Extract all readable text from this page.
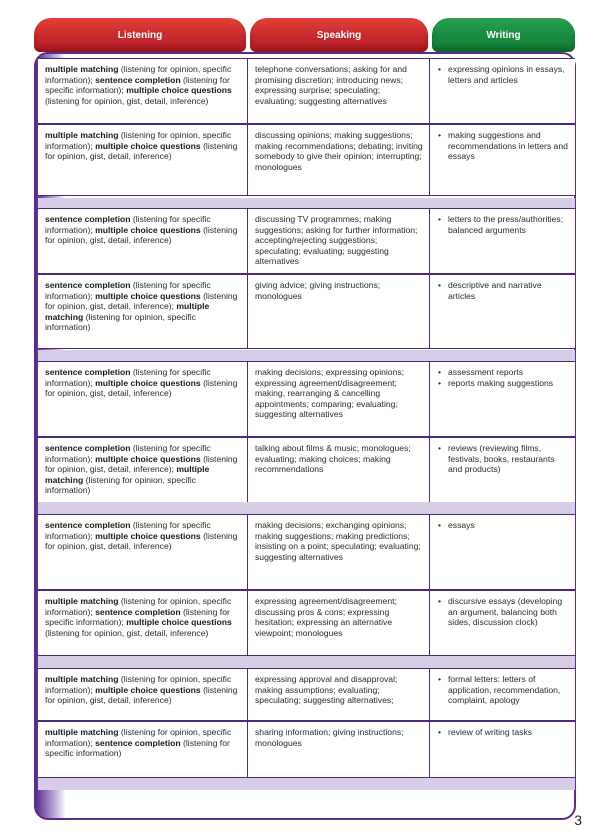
Listening	Speaking	Writing
multiple matching (listening for opinion, specific information); sentence completion (listening for specific information); multiple choice questions (listening for opinion, gist, detail, inference)
telephone conversations; asking for and promising discretion; introducing news; expressing surprise; speculating; evaluating; suggesting alternatives
• expressing opinions in essays, letters and articles
multiple matching (listening for opinion, specific information); multiple choice questions (listening for opinion, gist, detail, inference)
discussing opinions; making suggestions; making recommendations; debating; inviting somebody to give their opinion; interrupting; monologues
• making suggestions and recommendations in letters and essays
sentence completion (listening for specific information); multiple choice questions (listening for opinion, gist, detail, inference)
discussing TV programmes; making suggestions; asking for further information; accepting/rejecting suggestions; speculating; evaluating; suggesting alternatives
• letters to the press/authorities; balanced arguments
sentence completion (listening for specific information); multiple choice questions (listening for opinion, gist, detail, inference); multiple matching (listening for opinion, specific information)
giving advice; giving instructions; monologues
• descriptive and narrative articles
sentence completion (listening for specific information); multiple choice questions (listening for opinion, gist, detail, inference)
making decisions; expressing opinions; expressing agreement/disagreement; making, rearranging & cancelling appointments; comparing; evaluating; suggesting alternatives
• assessment reports
• reports making suggestions
sentence completion (listening for specific information); multiple choice questions (listening for opinion, gist, detail, inference); multiple matching (listening for opinion, specific information)
talking about films & music; monologues; evaluating; making choices; making recommendations
• reviews (reviewing films, festivals, books, restaurants and products)
sentence completion (listening for specific information); multiple choice questions (listening for opinion, gist, detail, inference)
making decisions; exchanging opinions; making suggestions; making predictions; insisting on a point; speculating; evaluating; suggesting alternatives
• essays
multiple matching (listening for opinion, specific information); sentence completion (listening for specific information); multiple choice questions (listening for opinion, gist, detail, inference)
expressing agreement/disagreement; discussing pros & cons; expressing hesitation; expressing an alternative viewpoint; monologues
• discursive essays (developing an argument, balancing both sides, discussion clock)
multiple matching (listening for opinion, specific information); multiple choice questions (listening for opinion, gist, detail, inference)
expressing approval and disapproval; making assumptions; evaluating; speculating; suggesting alternatives;
• formal letters: letters of application, recommendation, complaint, apology
multiple matching (listening for opinion, specific information); sentence completion (listening for specific information)
sharing information; giving instructions; monologues
• review of writing tasks
3
